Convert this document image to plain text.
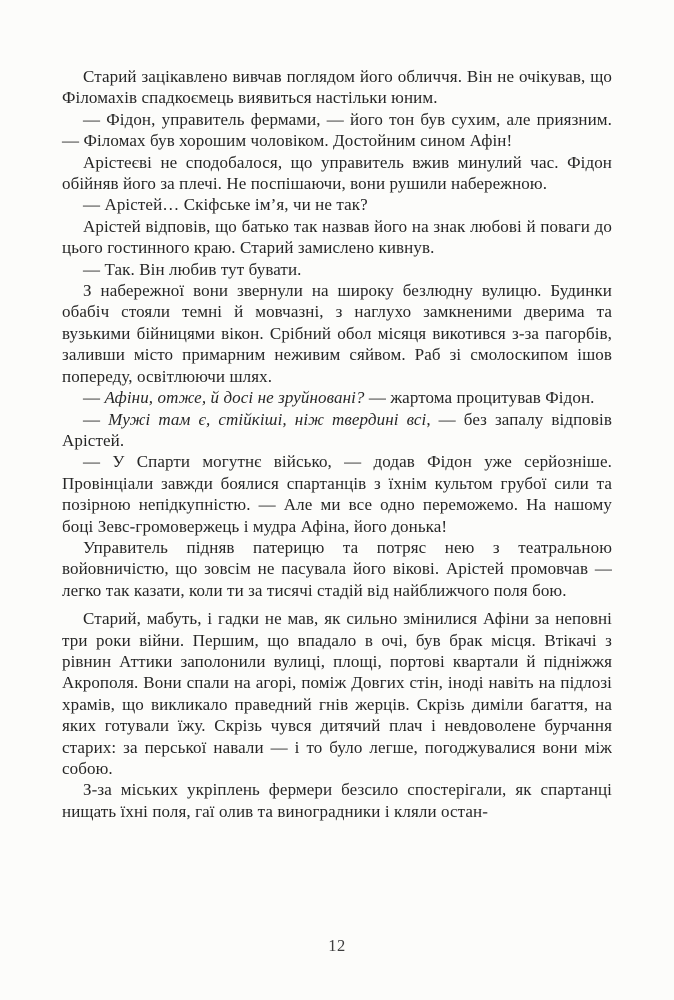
Старий зацікавлено вивчав поглядом його обличчя. Він не очікував, що Філомахів спадкоємець виявиться настільки юним.

— Фідон, управитель фермами, — його тон був сухим, але приязним. — Філомах був хорошим чоловіком. Достойним сином Афін!

Арістеєві не сподобалося, що управитель вжив минулий час. Фідон обійняв його за плечі. Не поспішаючи, вони рушили набережною.

— Арістей… Скіфське ім’я, чи не так?

Арістей відповів, що батько так назвав його на знак любові й поваги до цього гостинного краю. Старий замислено кивнув.

— Так. Він любив тут бувати.

З набережної вони звернули на широку безлюдну вулицю. Будинки обабіч стояли темні й мовчазні, з наглухо замкненими дверима та вузькими бійницями вікон. Срібний обол місяця викотився з-за пагорбів, заливши місто примарним неживим сяйвом. Раб зі смолоскипом ішов попереду, освітлюючи шлях.

— Афіни, отже, й досі не зруйновані? — жартома процитував Фідон.

— Мужі там є, стійкіші, ніж твердині всі, — без запалу відповів Арістей.

— У Спарти могутнє військо, — додав Фідон уже серйозніше. Провінціали завжди боялися спартанців з їхнім культом грубої сили та позірною непідкупністю. — Але ми все одно переможемо. На нашому боці Зевс-громовержець і мудра Афіна, його донька!

Управитель підняв патерицю та потряс нею з театральною войовничістю, що зовсім не пасувала його вікові. Арістей промовчав — легко так казати, коли ти за тисячі стадій від найближчого поля бою.

Старий, мабуть, і гадки не мав, як сильно змінилися Афіни за неповні три роки війни. Першим, що впадало в очі, був брак місця. Втікачі з рівнин Аттики заполонили вулиці, площі, портові квартали й підніжжя Акрополя. Вони спали на агорі, поміж Довгих стін, іноді навіть на підлозі храмів, що викликало праведний гнів жерців. Скрізь диміли багаття, на яких готували їжу. Скрізь чувся дитячий плач і невдоволене бурчання старих: за перської навали — і то було легше, погоджувалися вони між собою.

З-за міських укріплень фермери безсило спостерігали, як спартанці нищать їхні поля, гаї олив та виноградники і кляли остан-

12
